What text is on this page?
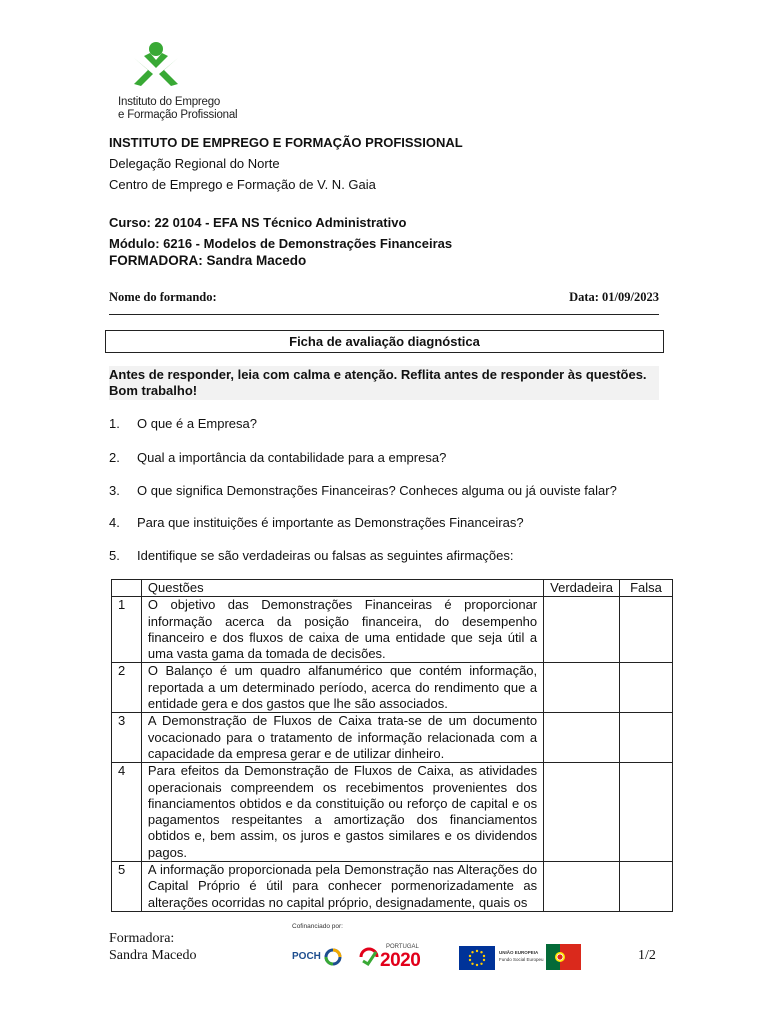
Instituto do Emprego
e Formação Profissional
INSTITUTO DE EMPREGO E FORMAÇÃO PROFISSIONAL
Delegação Regional do Norte
Centro de Emprego e Formação de V. N. Gaia
Curso: 22 0104 - EFA NS Técnico Administrativo
Módulo: 6216 - Modelos de Demonstrações Financeiras
FORMADORA: Sandra Macedo
Nome do formando:	Data: 01/09/2023
Ficha de avaliação diagnóstica
Antes de responder, leia com calma e atenção. Reflita antes de responder às questões. Bom trabalho!
1. O que é a Empresa?
2. Qual a importância da contabilidade para a empresa?
3. O que significa Demonstrações Financeiras? Conheces alguma ou já ouviste falar?
4. Para que instituições é importante as Demonstrações Financeiras?
5. Identifique se são verdadeiras ou falsas as seguintes afirmações:
	Questões	Verdadeira	Falsa
1	O objetivo das Demonstrações Financeiras é proporcionar informação acerca da posição financeira, do desempenho financeiro e dos fluxos de caixa de uma entidade que seja útil a uma vasta gama da tomada de decisões.		
2	O Balanço é um quadro alfanumérico que contém informação, reportada a um determinado período, acerca do rendimento que a entidade gera e dos gastos que lhe são associados.		
3	A Demonstração de Fluxos de Caixa trata-se de um documento vocacionado para o tratamento de informação relacionada com a capacidade da empresa gerar e de utilizar dinheiro.		
4	Para efeitos da Demonstração de Fluxos de Caixa, as atividades operacionais compreendem os recebimentos provenientes dos financiamentos obtidos e da constituição ou reforço de capital e os pagamentos respeitantes a amortização dos financiamentos obtidos e, bem assim, os juros e gastos similares e os dividendos pagos.		
5	A informação proporcionada pela Demonstração nas Alterações do Capital Próprio é útil para conhecer pormenorizadamente as alterações ocorridas no capital próprio, designadamente, quais os		
Formadora:
Sandra Macedo
Cofinanciado por:
POCH
PORTUGAL
2020	UNIÃO EUROPEIA
Fundo Social Europeu	1/2
